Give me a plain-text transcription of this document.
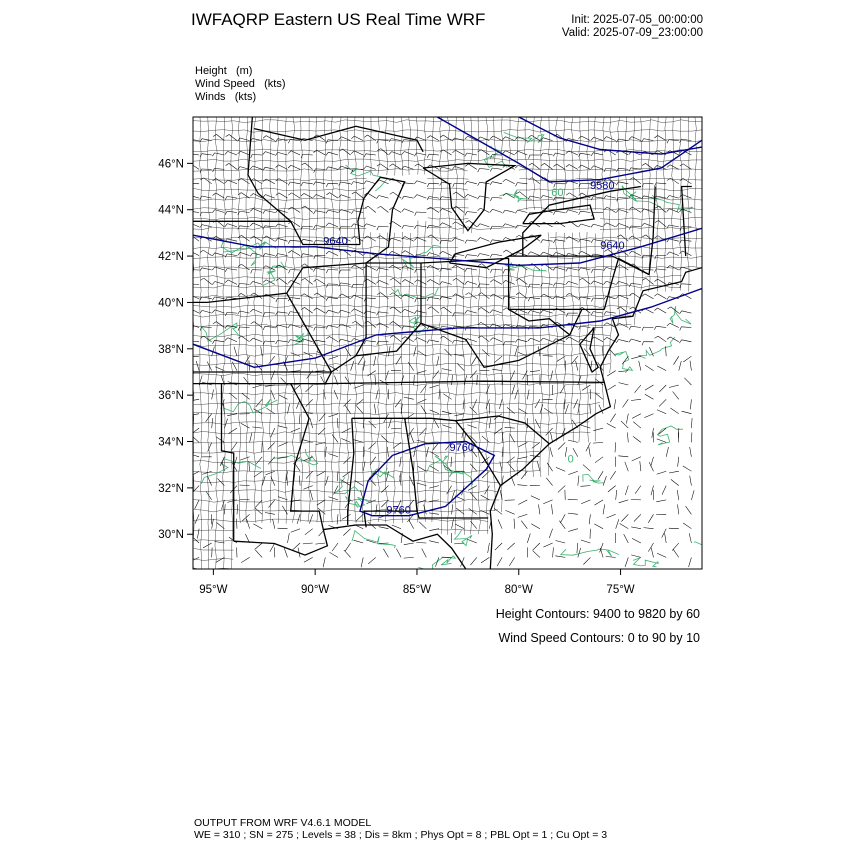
IWFAQRP Eastern US Real Time WRF	Init: 2025-07-05_00:00:00
Valid: 2025-07-09_23:00:00
Height   (m)
Wind Speed   (kts)
Winds   (kts)
9580
9640	9640
9760
9760
60
0
46°N
44°N
42°N
40°N
38°N
36°N
34°N
32°N
30°N
95°W	90°W	85°W	80°W	75°W
Height Contours: 9400 to 9820 by 60
Wind Speed Contours: 0 to 90 by 10
OUTPUT FROM WRF V4.6.1 MODEL
WE = 310 ; SN = 275 ; Levels = 38 ; Dis = 8km ; Phys Opt = 8 ; PBL Opt = 1 ; Cu Opt = 3
